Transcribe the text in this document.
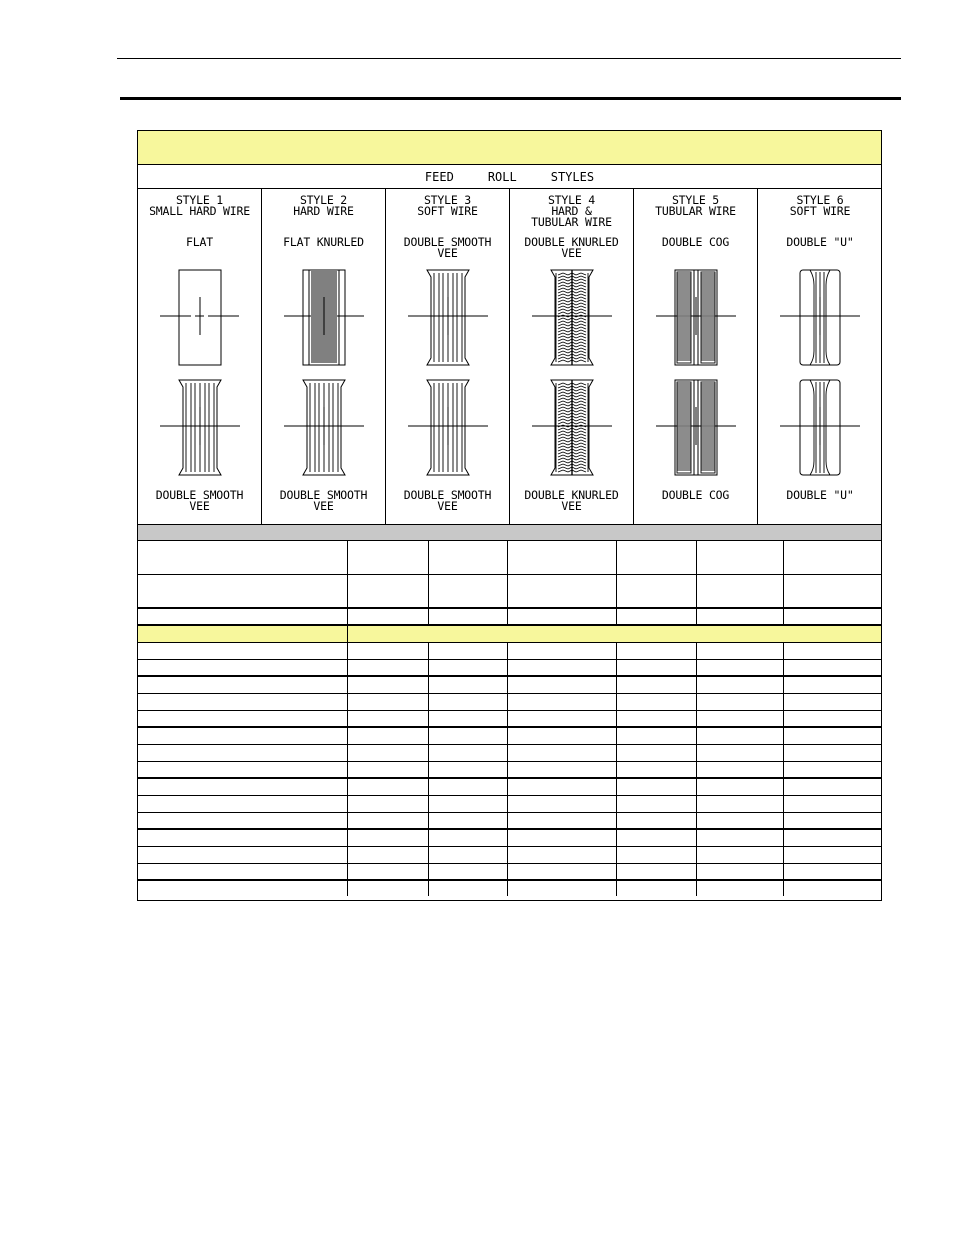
FEED	ROLL	STYLES
STYLE 1
SMALL HARD WIRE
FLAT
DOUBLE SMOOTH
VEE
STYLE 2
HARD WIRE
FLAT KNURLED
DOUBLE SMOOTH
VEE
STYLE 3
SOFT WIRE
DOUBLE SMOOTH
VEE
DOUBLE SMOOTH
VEE
STYLE 4
HARD &
TUBULAR WIRE
DOUBLE KNURLED
VEE
DOUBLE KNURLED
VEE
STYLE 5
TUBULAR WIRE
DOUBLE COG
DOUBLE COG
STYLE 6
SOFT WIRE
DOUBLE "U"
DOUBLE "U"
